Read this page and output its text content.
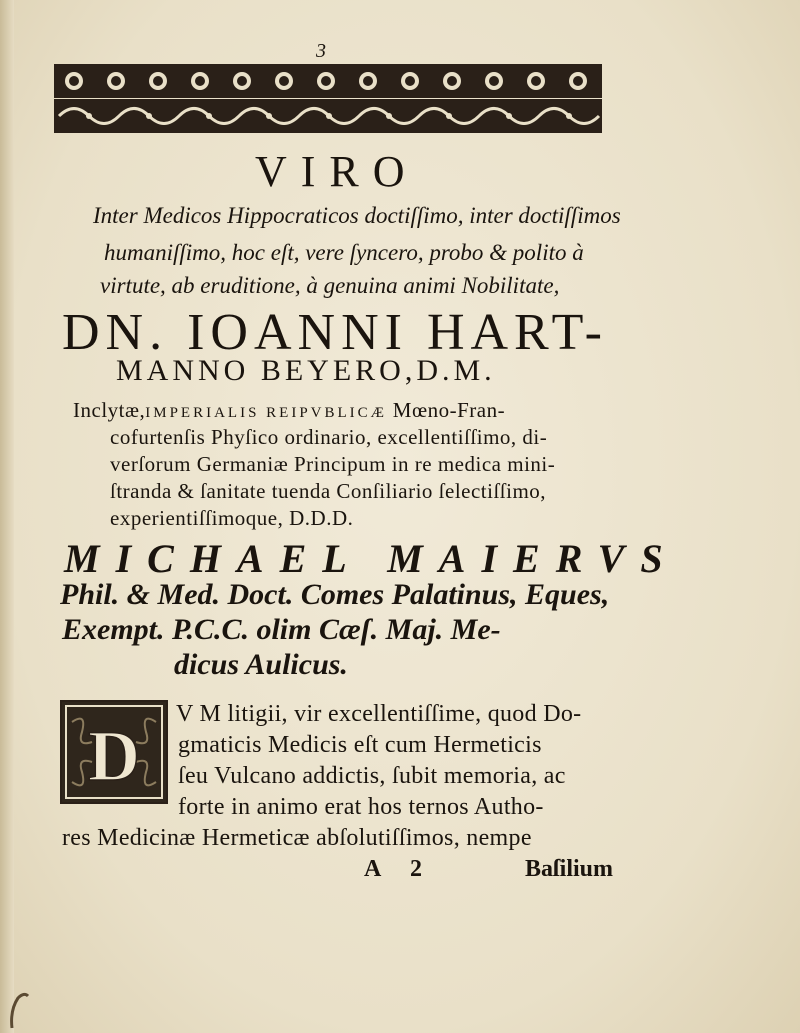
3
VIRO
Inter Medicos Hippocraticos doctiſſimo, inter doctiſſimos
humaniſſimo, hoc eſt, vere ſyncero, probo & polito à
virtute, ab eruditione, à genuina animi Nobilitate,
DN. IOANNI HART-
MANNO BEYERO,D.M.
Inclytæ,IMPERIALIS REIPVBLICÆ Mœno-Fran-
cofurtenſis Phyſico ordinario, excellentiſſimo, di-
verſorum Germaniæ Principum in re medica mini-
ſtranda & ſanitate tuenda Conſiliario ſelectiſſimo,
experientiſſimoque, D.D.D.
MICHAEL MAIERVS
Phil. & Med. Doct. Comes Palatinus, Eques,
Exempt. P.C.C. olim Cæſ. Maj. Me-
dicus Aulicus.
D
V M litigii, vir excellentiſſime, quod Do-
gmaticis Medicis eſt cum Hermeticis
ſeu Vulcano addictis, ſubit memoria, ac
forte in animo erat hos ternos Autho-
res Medicinæ Hermeticæ abſolutiſſimos, nempe
A 2	Baſilium
